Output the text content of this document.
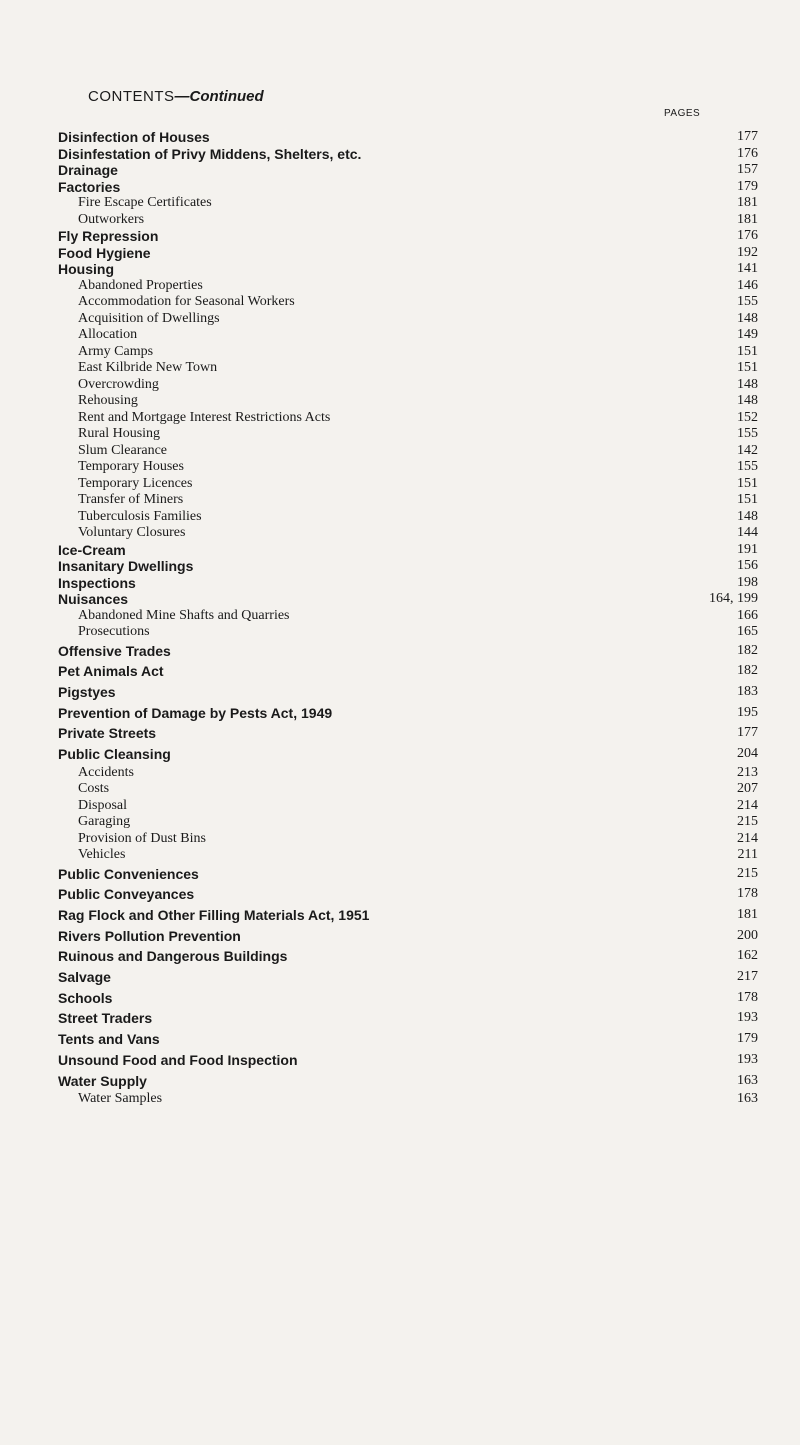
CONTENTS—Continued
PAGES
Disinfection of Houses	177
Disinfestation of Privy Middens, Shelters, etc.	176
Drainage	157
Factories	179
Fire Escape Certificates	181
Outworkers	181
Fly Repression	176
Food Hygiene	192
Housing	141
Abandoned Properties	146
Accommodation for Seasonal Workers	155
Acquisition of Dwellings	148
Allocation	149
Army Camps	151
East Kilbride New Town	151
Overcrowding	148
Rehousing	148
Rent and Mortgage Interest Restrictions Acts	152
Rural Housing	155
Slum Clearance	142
Temporary Houses	155
Temporary Licences	151
Transfer of Miners	151
Tuberculosis Families	148
Voluntary Closures	144
Ice-Cream	191
Insanitary Dwellings	156
Inspections	198
Nuisances	164, 199
Abandoned Mine Shafts and Quarries	166
Prosecutions	165
Offensive Trades	182
Pet Animals Act	182
Pigstyes	183
Prevention of Damage by Pests Act, 1949	195
Private Streets	177
Public Cleansing	204
Accidents	213
Costs	207
Disposal	214
Garaging	215
Provision of Dust Bins	214
Vehicles	211
Public Conveniences	215
Public Conveyances	178
Rag Flock and Other Filling Materials Act, 1951	181
Rivers Pollution Prevention	200
Ruinous and Dangerous Buildings	162
Salvage	217
Schools	178
Street Traders	193
Tents and Vans	179
Unsound Food and Food Inspection	193
Water Supply	163
Water Samples	163
